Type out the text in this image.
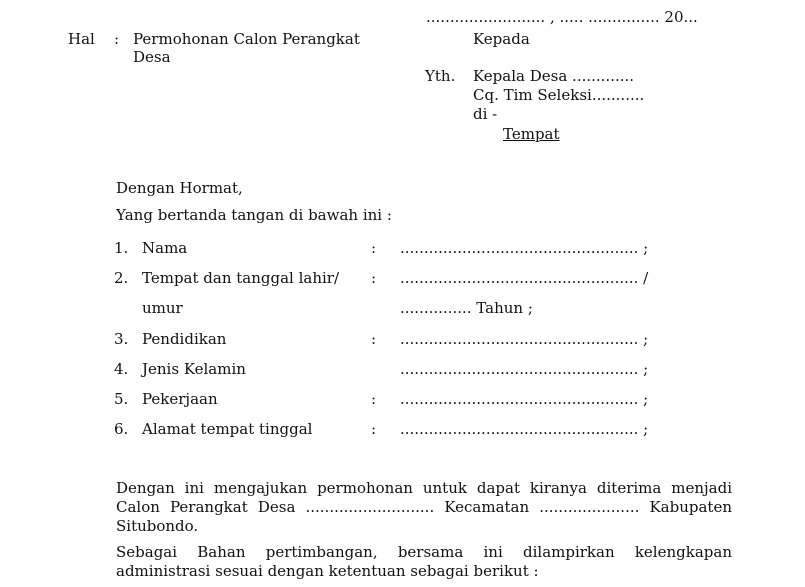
......................... , ..... ............... 20...
Hal : Permohonan Calon Perangkat
Desa
Kepada
Yth. Kepala Desa .............
Cq. Tim Seleksi...........
di -
Tempat
Dengan Hormat,
Yang bertanda tangan di bawah ini :
1. Nama	: .................................................. ;
2. Tempat dan tanggal lahir/ : .................................................. /
umur	............... Tahun ;
3. Pendidikan	: .................................................. ;
4. Jenis Kelamin	.................................................. ;
5. Pekerjaan	: .................................................. ;
6. Alamat tempat tinggal	: .................................................. ;
Dengan ini mengajukan permohonan untuk dapat kiranya diterima menjadi Calon Perangkat Desa ........................... Kecamatan ..................... Kabupaten Situbondo.
Sebagai Bahan pertimbangan, bersama ini dilampirkan kelengkapan administrasi sesuai dengan ketentuan sebagai berikut :
